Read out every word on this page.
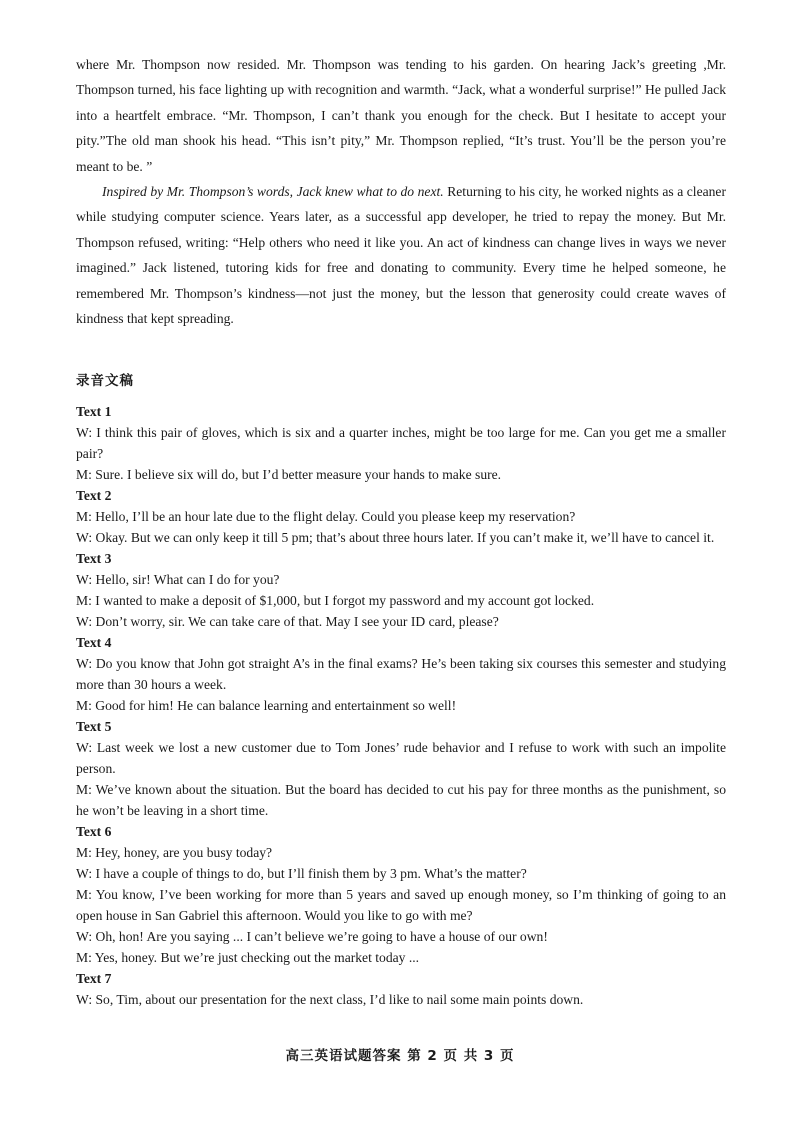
where Mr. Thompson now resided. Mr. Thompson was tending to his garden. On hearing Jack’s greeting ,Mr. Thompson turned, his face lighting up with recognition and warmth. “Jack, what a wonderful surprise!” He pulled Jack into a heartfelt embrace. “Mr. Thompson, I can’t thank you enough for the check. But I hesitate to accept your pity.”The old man shook his head. “This isn’t pity,” Mr. Thompson replied, “It’s trust. You’ll be the person you’re meant to be. ”

Inspired by Mr. Thompson’s words, Jack knew what to do next. Returning to his city, he worked nights as a cleaner while studying computer science. Years later, as a successful app developer, he tried to repay the money. But Mr. Thompson refused, writing: “Help others who need it like you. An act of kindness can change lives in ways we never imagined.” Jack listened, tutoring kids for free and donating to community. Every time he helped someone, he remembered Mr. Thompson’s kindness—not just the money, but the lesson that generosity could create waves of kindness that kept spreading.

录音文稿
Text 1

W: I think this pair of gloves, which is six and a quarter inches, might be too large for me. Can you get me a smaller pair?

M: Sure. I believe six will do, but I’d better measure your hands to make sure.

Text 2

M: Hello, I’ll be an hour late due to the flight delay. Could you please keep my reservation?

W: Okay. But we can only keep it till 5 pm; that’s about three hours later. If you can’t make it, we’ll have to cancel it.

Text 3

W: Hello, sir! What can I do for you?

M: I wanted to make a deposit of $1,000, but I forgot my password and my account got locked.

W: Don’t worry, sir. We can take care of that. May I see your ID card, please?

Text 4

W: Do you know that John got straight A’s in the final exams? He’s been taking six courses this semester and studying more than 30 hours a week.

M: Good for him! He can balance learning and entertainment so well!

Text 5

W: Last week we lost a new customer due to Tom Jones’ rude behavior and I refuse to work with such an impolite person.

M: We’ve known about the situation. But the board has decided to cut his pay for three months as the punishment, so he won’t be leaving in a short time.

Text 6

M: Hey, honey, are you busy today?

W: I have a couple of things to do, but I’ll finish them by 3 pm. What’s the matter?

M: You know, I’ve been working for more than 5 years and saved up enough money, so I’m thinking of going to an open house in San Gabriel this afternoon. Would you like to go with me?

W: Oh, hon! Are you saying ... I can’t believe we’re going to have a house of our own!

M: Yes, honey. But we’re just checking out the market today ...

Text 7

W: So, Tim, about our presentation for the next class, I’d like to nail some main points down.

高三英语试题答案 第 2 页 共 3 页
